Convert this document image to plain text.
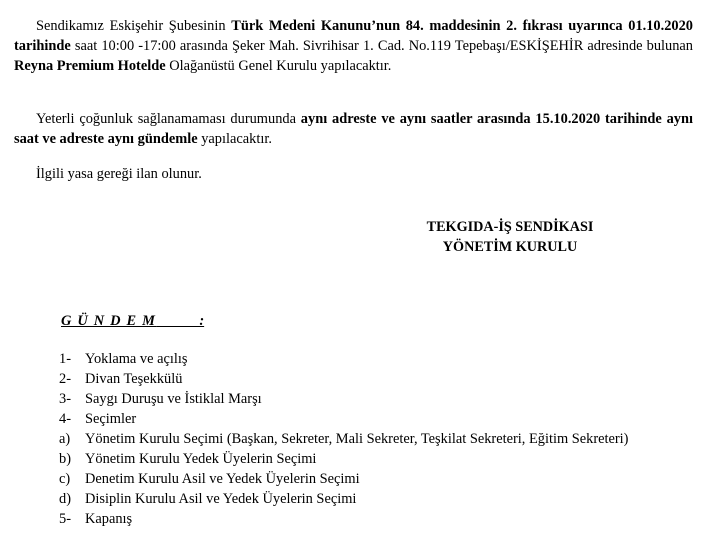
Sendikamız Eskişehir Şubesinin Türk Medeni Kanunu’nun 84. maddesinin 2. fıkrası uyarınca 01.10.2020 tarihinde saat 10:00 -17:00 arasında Şeker Mah. Sivrihisar 1. Cad. No.119 Tepebaşı/ESKİŞEHİR adresinde bulunan Reyna Premium Hotelde Olağanüstü Genel Kurulu yapılacaktır.

Yeterli çoğunluk sağlanamaması durumunda aynı adreste ve aynı saatler arasında 15.10.2020 tarihinde aynı saat ve adreste aynı gündemle yapılacaktır.

İlgili yasa gereği ilan olunur.

TEKGIDA-İŞ SENDİKASI
YÖNETİM KURULU
G Ü N D E M            :
1- Yoklama ve açılış
2- Divan Teşekkülü
3- Saygı Duruşu ve İstiklal Marşı
4- Seçimler
a) Yönetim Kurulu Seçimi (Başkan, Sekreter, Mali Sekreter, Teşkilat Sekreteri, Eğitim Sekreteri)
b) Yönetim Kurulu Yedek Üyelerin Seçimi
c) Denetim Kurulu Asil ve Yedek Üyelerin Seçimi
d) Disiplin Kurulu Asil ve Yedek Üyelerin Seçimi
5- Kapanış
